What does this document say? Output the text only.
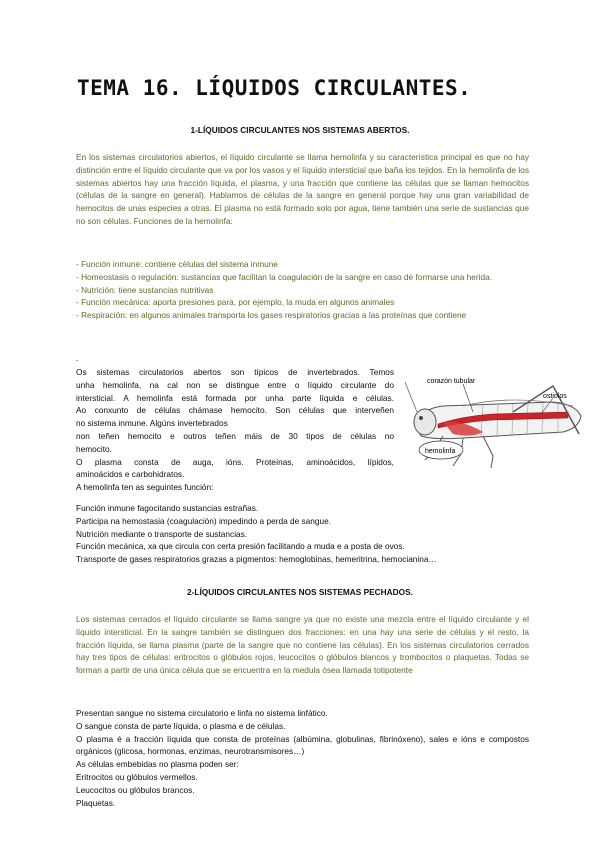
TEMA 16. LÍQUIDOS CIRCULANTES.
1-LÍQUIDOS CIRCULANTES NOS SISTEMAS ABERTOS.
En los sistemas circulatorios abiertos, el líquido circulante se llama hemolinfa y su característica principal es que no hay distinción entre el líquido circulante que va por los vasos y el líquido intersticial que baña los tejidos. En la hemolinfa de los sistemas abiertos hay una fracción líquida, el plasma, y una fracción que contiene las células que se llaman hemocitos (células de la sangre en general). Hablamos de células de la sangre en general porque hay una gran variabilidad de hemocitos de unas especies a otras. El plasma no está formado solo por agua, tiene también una serie de sustancias que no son células. Funciones de la hemolinfa:
- Función inmune: contiene células del sistema inmune
- Homeostasis o regulación: sustancias que facilitan la coagulación de la sangre en caso de formarse una herida.
- Nutrición: tiene sustancias nutritivas
- Función mecánica: aporta presiones para, por ejemplo, la muda en algunos animales
- Respiración: en algunos animales transporta los gases respiratorios gracias a las proteínas que contiene
.
Os sistemas circulatorios abertos son típicos de invertebrados. Temos
unha hemolinfa, na cal non se distingue entre o líquido circulante do
intersticial. A hemolinfa está formada por unha parte líquida e células.
Ao conxunto de células chámase hemocito. Son células que interveñen
no sistema inmune. Algúns invertebrados
non teñen hemocito e outros teñen máis de 30 tipos de células no
hemocito.
O plasma consta de auga, ións. Proteínas, aminoácidos, lípidos,
aminoácidos e carbohidratos.
A hemolinfa ten as seguintes función:
corazón tubular
ostiolos
hemolinfa
Función inmune fagocitando sustancias estrañas.
Participa na hemostasia (coagulación) impedindo a perda de sangue.
Nutrición mediante o transporte de sustancias.
Función mecánica, xa que circula con certa presión facilitando a muda e a posta de ovos.
Transporte de gases respiratorios grazas a pigmentos: hemoglobinas, hemeritrina, hemocianina…
2-LÍQUIDOS CIRCULANTES NOS SISTEMAS PECHADOS.
Los sistemas cerrados el líquido circulante se llama sangre ya que no existe una mezcla entre el líquido circulante y el líquido intersticial. En la sangre también se distinguen dos fracciones: en una hay una serie de células y el resto, la fracción líquida, se llama plasma (parte de la sangre que no contiene las células). En los sistemas circulatorios cerrados hay tres tipos de células: eritrocitos o glóbulos rojos, leucocitos o glóbulos blancos y trombocitos o plaquetas. Todas se forman a partir de una única célula que se encuentra en la medula ósea llamada totipotente
Presentan sangue no sistema circulatorio e linfa no sistema linfático.
O sangue consta de parte líquida, o plasma e de células.
O plasma é a fracción líquida que consta de proteínas (albúmina, globulinas, fibrinóxeno), sales e ións e compostos orgánicos (glicosa, hormonas, enzimas, neurotransmisores…)
As células embebidas no plasma poden ser:
Eritrocitos ou glóbulos vermellos.
Leucocitos ou glóbulos brancos.
Plaquetas.
